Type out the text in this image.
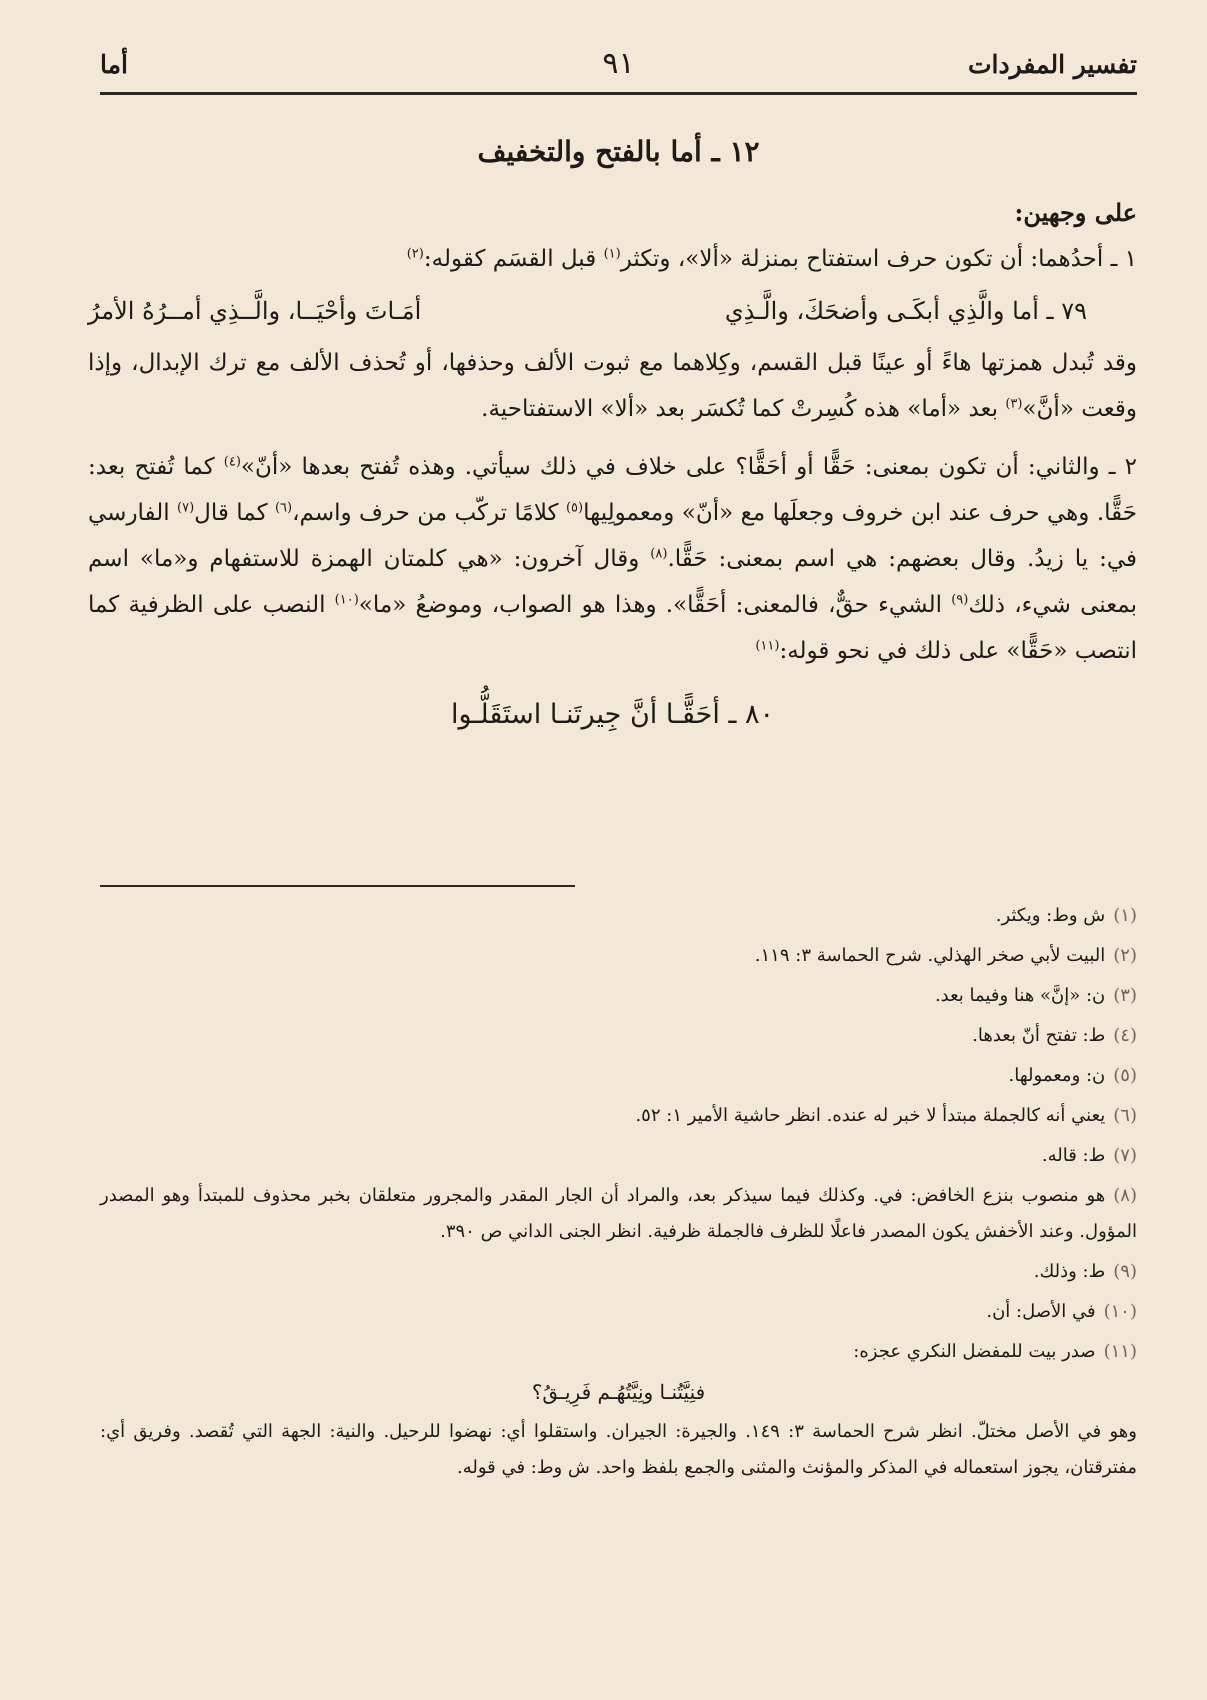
تفسير المفردات
٩١
أما
١٢ ـ أما بالفتح والتخفيف

على وجهين:

١ ـ أحدُهما: أن تكون حرف استفتاح بمنزلة «ألا»، وتكثر$^{(١)}$ قبل القسَم كقوله:$^{(٢)}$

٧٩ ـ أما والَّذِي أبكَـى وأضحَكَ، والَّـذِي
أمَـاتَ وأحْيَــا، والَّــذِي أمــرُهُ الأمرُ

وقد تُبدل همزتها هاءً أو عينًا قبل القسم، وكِلاهما مع ثبوت الألف وحذفها، أو تُحذف الألف مع ترك الإبدال، وإذا وقعت «أنَّ»$^{(٣)}$ بعد «أما» هذه كُسِرتْ كما تُكسَر بعد «ألا» الاستفتاحية.

٢ ـ والثاني: أن تكون بمعنى: حَقًّا أو أحَقًّا؟ على خلاف في ذلك سيأتي. وهذه تُفتح بعدها «أنّ»$^{(٤)}$ كما تُفتح بعد: حَقًّا. وهي حرف عند ابن خروف وجعلَها مع «أنّ» ومعمولِيها$^{(٥)}$ كلامًا تركّب من حرف واسم،$^{(٦)}$ كما قال$^{(٧)}$ الفارسي في: يا زيدُ. وقال بعضهم: هي اسم بمعنى: حَقًّا.$^{(٨)}$ وقال آخرون: «هي كلمتان الهمزة للاستفهام و«ما» اسم بمعنى شيء، ذلك$^{(٩)}$ الشيء حقٌّ، فالمعنى: أحَقًّا». وهذا هو الصواب، وموضعُ «ما»$^{(١٠)}$ النصب على الظرفية كما انتصب «حَقًّا» على ذلك في نحو قوله:$^{(١١)}$

٨٠ ـ أحَقًّـا أنَّ جِيرتَنـا استَقَلُّـوا

(١)ش وط: ويكثر.

(٢)البيت لأبي صخر الهذلي. شرح الحماسة ٣: ١١٩.

(٣)ن: «إنَّ» هنا وفيما بعد.

(٤)ط: تفتح أنّ بعدها.

(٥)ن: ومعمولها.

(٦)يعني أنه كالجملة مبتدأ لا خبر له عنده. انظر حاشية الأمير ١: ٥٢.

(٧)ط: قاله.

(٨)هو منصوب بنزع الخافض: في. وكذلك فيما سيذكر بعد، والمراد أن الجار المقدر والمجرور متعلقان بخبر محذوف للمبتدأ وهو المصدر المؤول. وعند الأخفش يكون المصدر فاعلًا للظرف فالجملة ظرفية. انظر الجنى الداني ص ٣٩٠.

(٩)ط: وذلك.

(١٠)في الأصل: أن.

(١١)صدر بيت للمفضل النكري عجزه:

فنِيَّتُنـا ونِيَّتُهُـم فَرِيـقُ؟

وهو في الأصل مختلّ. انظر شرح الحماسة ٣: ١٤٩. والجيرة: الجيران. واستقلوا أي: نهضوا للرحيل. والنية: الجهة التي تُقصد. وفريق أي: مفترقتان، يجوز استعماله في المذكر والمؤنث والمثنى والجمع بلفظ واحد. ش وط: في قوله.
